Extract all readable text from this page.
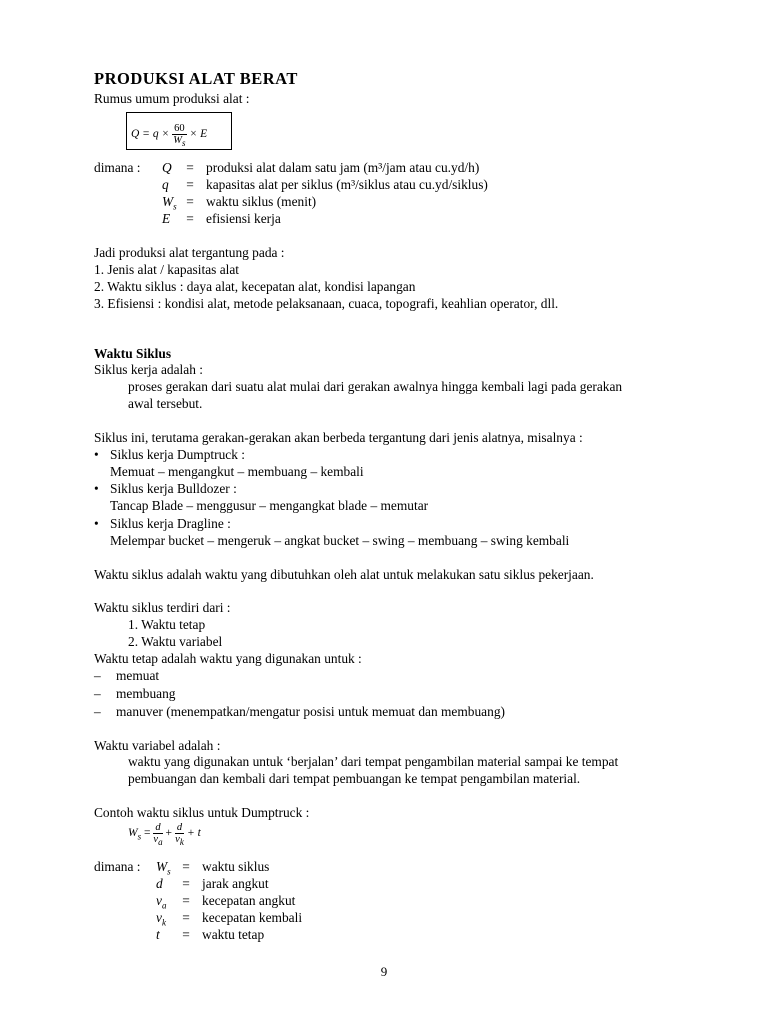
PRODUKSI ALAT BERAT
Rumus umum produksi alat :
$Q = q \times \frac{60}{W_s} \times E$
dimana : Q = produksi alat dalam satu jam (m³/jam atau cu.yd/h)
q = kapasitas alat per siklus (m³/siklus atau cu.yd/siklus)
$W_s$ = waktu siklus (menit)
E = efisiensi kerja
Jadi produksi alat tergantung pada :
1. Jenis alat / kapasitas alat
2. Waktu siklus : daya alat, kecepatan alat, kondisi lapangan
3. Efisiensi : kondisi alat, metode pelaksanaan, cuaca, topografi, keahlian operator, dll.
Waktu Siklus
Siklus kerja adalah :
proses gerakan dari suatu alat mulai dari gerakan awalnya hingga kembali lagi pada gerakan
awal tersebut.
Siklus ini, terutama gerakan-gerakan akan berbeda tergantung dari jenis alatnya, misalnya :
• Siklus kerja Dumptruck :
Memuat – mengangkut – membuang – kembali
• Siklus kerja Bulldozer :
Tancap Blade – menggusur – mengangkat blade – memutar
• Siklus kerja Dragline :
Melempar bucket – mengeruk – angkat bucket – swing – membuang – swing kembali
Waktu siklus adalah waktu yang dibutuhkan oleh alat untuk melakukan satu siklus pekerjaan.
Waktu siklus terdiri dari :
1. Waktu tetap
2. Waktu variabel
Waktu tetap adalah waktu yang digunakan untuk :
– memuat
– membuang
– manuver (menempatkan/mengatur posisi untuk memuat dan membuang)
Waktu variabel adalah :
waktu yang digunakan untuk ‘berjalan’ dari tempat pengambilan material sampai ke tempat
pembuangan dan kembali dari tempat pembuangan ke tempat pengambilan material.
Contoh waktu siklus untuk Dumptruck :
$W_s = \frac{d}{v_a} + \frac{d}{v_k} + t$
dimana : $W_s$ = waktu siklus
d = jarak angkut
$v_a$ = kecepatan angkut
$v_k$ = kecepatan kembali
t = waktu tetap
9
